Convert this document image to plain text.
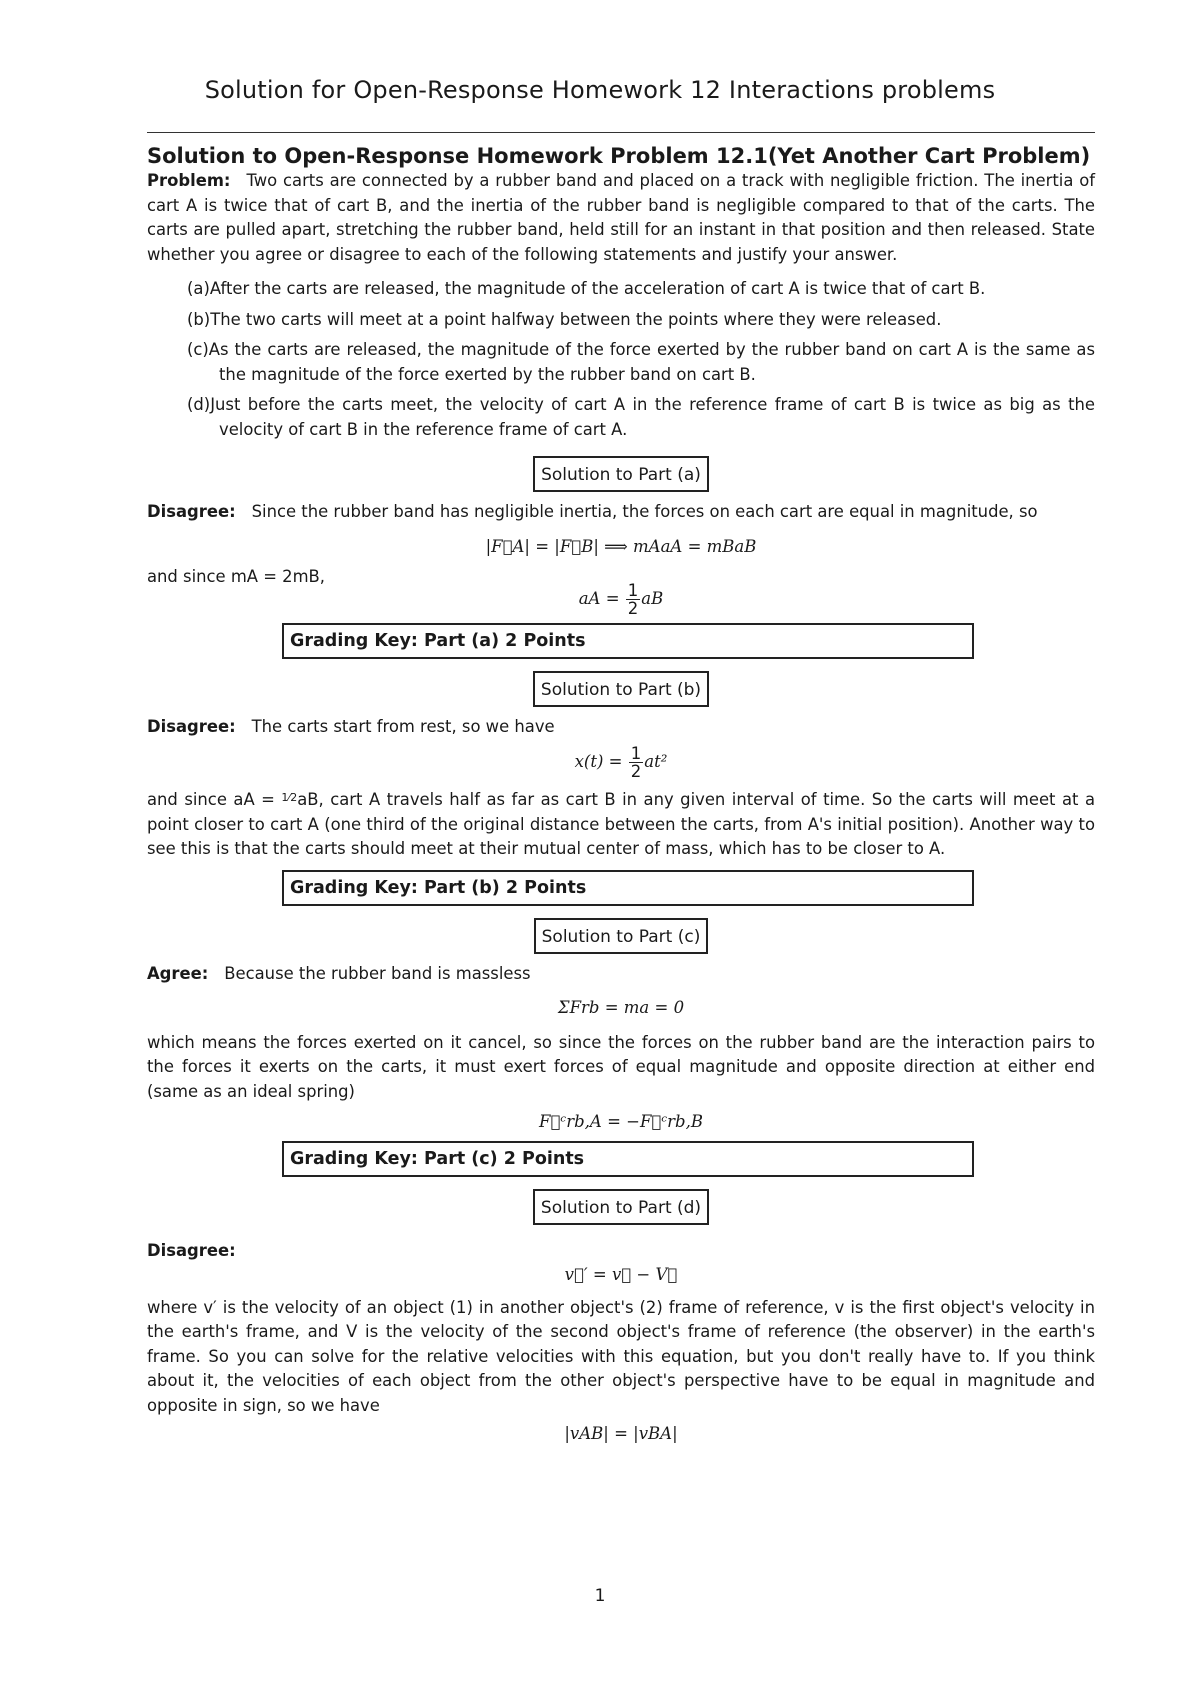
Solution for Open-Response Homework 12 Interactions problems

Solution to Open-Response Homework Problem 12.1(Yet Another Cart Problem)

Problem: Two carts are connected by a rubber band and placed on a track with negligible friction. The inertia of cart A is twice that of cart B, and the inertia of the rubber band is negligible compared to that of the carts. The carts are pulled apart, stretching the rubber band, held still for an instant in that position and then released. State whether you agree or disagree to each of the following statements and justify your answer.

(a)After the carts are released, the magnitude of the acceleration of cart A is twice that of cart B.
(b)The two carts will meet at a point halfway between the points where they were released.
(c)As the carts are released, the magnitude of the force exerted by the rubber band on cart A is the same as the magnitude of the force exerted by the rubber band on cart B.
(d)Just before the carts meet, the velocity of cart A in the reference frame of cart B is twice as big as the velocity of cart B in the reference frame of cart A.
Solution to Part (a)

Disagree: Since the rubber band has negligible inertia, the forces on each cart are equal in magnitude, so

|F⃗A| = |F⃗B| ⟹ mAaA = mBaB

and since mA = 2mB,

aA = $\frac{1}{2}$ aB
Grading Key: Part (a) 2 Points
Solution to Part (b)

Disagree: The carts start from rest, so we have

$x(t) = \frac{1}{2} at^2$

and since aA = $^{1⁄2}$aB, cart A travels half as far as cart B in any given interval of time. So the carts will meet at a point closer to cart A (one third of the original distance between the carts, from A's initial position). Another way to see this is that the carts should meet at their mutual center of mass, which has to be closer to A.

Grading Key: Part (b) 2 Points
Solution to Part (c)

Agree: Because the rubber band is massless

ΣFrb = ma = 0

which means the forces exerted on it cancel, so since the forces on the rubber band are the interaction pairs to the forces it exerts on the carts, it must exert forces of equal magnitude and opposite direction at either end (same as an ideal spring)

F⃗ᶜrb,A = −F⃗ᶜrb,B
Grading Key: Part (c) 2 Points
Solution to Part (d)

Disagree:

v⃗′ = v⃗ − V⃗

where v′ is the velocity of an object (1) in another object's (2) frame of reference, v is the first object's velocity in the earth's frame, and V is the velocity of the second object's frame of reference (the observer) in the earth's frame. So you can solve for the relative velocities with this equation, but you don't really have to. If you think about it, the velocities of each object from the other object's perspective have to be equal in magnitude and opposite in sign, so we have

|vAB| = |vBA|
1
